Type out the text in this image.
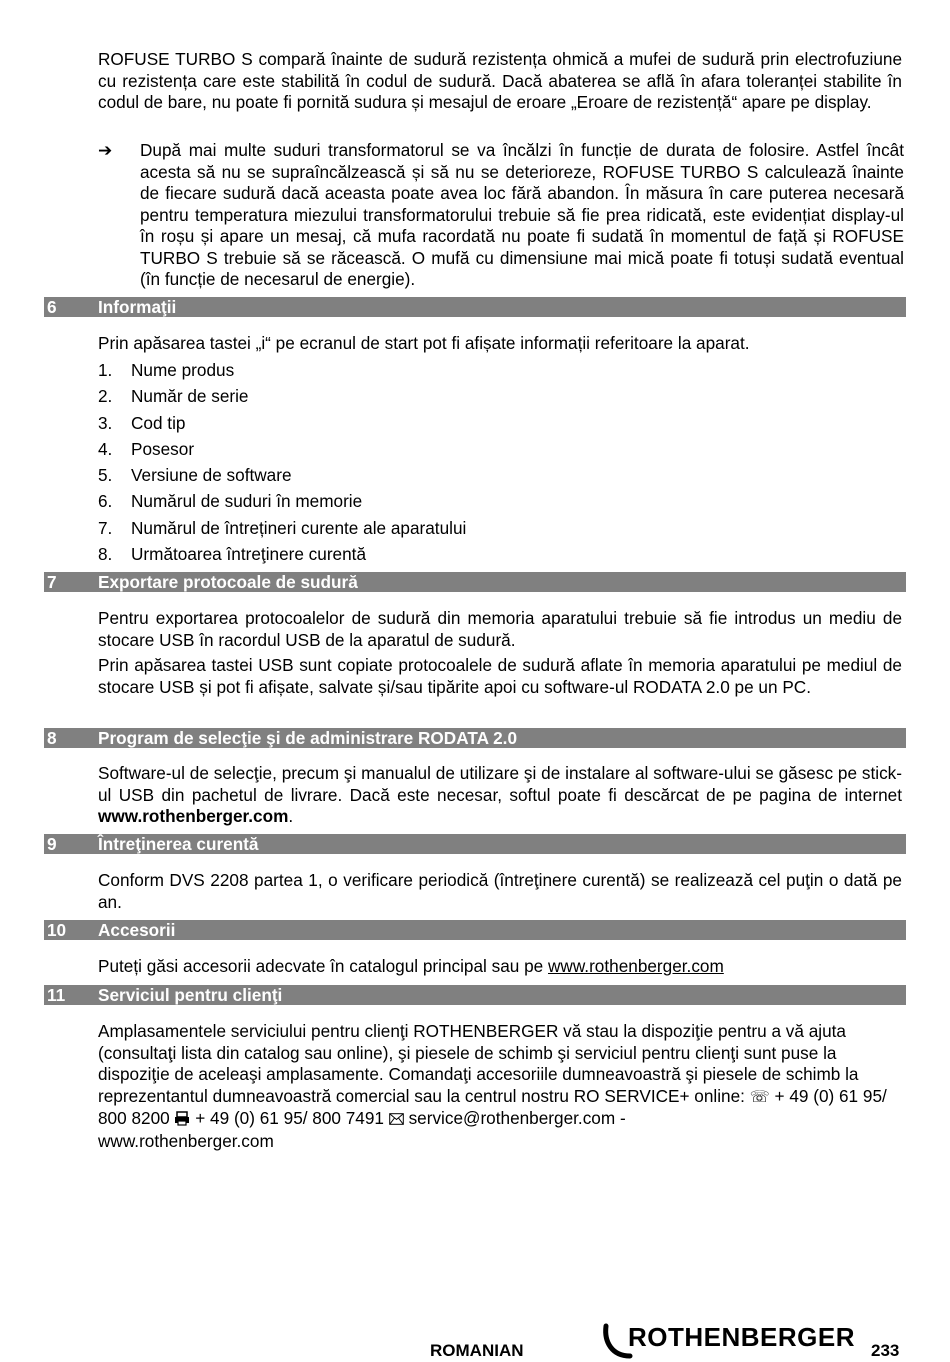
ROFUSE TURBO S compară înainte de sudură rezistența ohmică a mufei de sudură prin electrofuziune cu rezistența care este stabilită în codul de sudură. Dacă abaterea se află în afara toleranței stabilite în codul de bare, nu poate fi pornită sudura și mesajul de eroare „Eroare de rezistență“ apare pe display.

➔ După mai multe suduri transformatorul se va încălzi în funcție de durata de folosire. Astfel încât acesta să nu se supraîncălzească și să nu se deterioreze, ROFUSE TURBO S calculează înainte de fiecare sudură dacă aceasta poate avea loc fără abandon. În măsura în care puterea necesară pentru temperatura miezului transformatorului trebuie să fie prea ridicată, este evidențiat display-ul în roșu și apare un mesaj, că mufa racordată nu poate fi sudată în momentul de față și ROFUSE TURBO S trebuie să se răcească. O mufă cu dimensiune mai mică poate fi totuși sudată eventual (în funcție de necesarul de energie).
6 Informaţii

Prin apăsarea tastei „i“ pe ecranul de start pot fi afișate informații referitoare la aparat.

1. Nume produs
2. Număr de serie
3. Cod tip
4. Posesor
5. Versiune de software
6. Numărul de suduri în memorie
7. Numărul de întrețineri curente ale aparatului
8. Următoarea întreţinere curentă
7 Exportare protocoale de sudură

Pentru exportarea protocoalelor de sudură din memoria aparatului trebuie să fie introdus un mediu de stocare USB în racordul USB de la aparatul de sudură.

Prin apăsarea tastei USB sunt copiate protocoalele de sudură aflate în memoria aparatului pe mediul de stocare USB și pot fi afișate, salvate și/sau tipărite apoi cu software-ul RODATA 2.0 pe un PC.

8 Program de selecţie şi de administrare RODATA 2.0

Software-ul de selecţie, precum şi manualul de utilizare şi de instalare al software-ului se găsesc pe stick-ul USB din pachetul de livrare. Dacă este necesar, softul poate fi descărcat de pe pagina de internet www.rothenberger.com.

9 Întreţinerea curentă

Conform DVS 2208 partea 1, o verificare periodică (întreţinere curentă) se realizează cel puţin o dată pe an.

10 Accesorii

Puteți găsi accesorii adecvate în catalogul principal sau pe www.rothenberger.com

11 Serviciul pentru clienţi

Amplasamentele serviciului pentru clienţi ROTHENBERGER vă stau la dispoziţie pentru a vă ajuta (consultaţi lista din catalog sau online), şi piesele de schimb şi serviciul pentru clienţi sunt puse la dispoziţie de aceleaşi amplasamente. Comandaţi accesoriile dumneavoastră şi piesele de schimb la reprezentantul dumneavoastră comercial sau la centrul nostru RO SERVICE+ online: ☏ + 49 (0) 61 95/ 800 8200 + 49 (0) 61 95/ 800 7491 service@rothenberger.com -
www.rothenberger.com

ROMANIAN	ROTHENBERGER 233
